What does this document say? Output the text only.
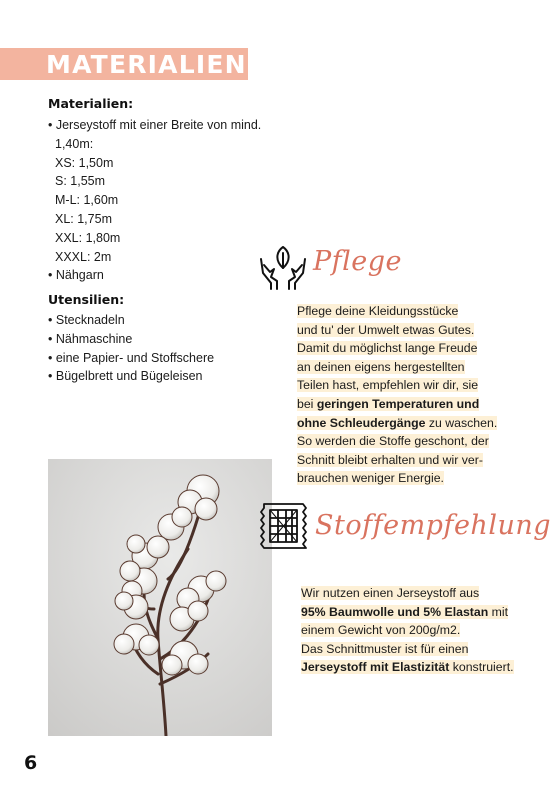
MATERIALIEN
Materialien:
• Jerseystoff mit einer Breite von mind.
1,40m:
XS: 1,50m
S: 1,55m
M-L: 1,60m
XL: 1,75m
XXL: 1,80m
XXXL: 2m
• Nähgarn
Utensilien:
• Stecknadeln
• Nähmaschine
• eine Papier- und Stoffschere
• Bügelbrett und Bügeleisen
Pflege
Pflege deine Kleidungsstücke
und tu' der Umwelt etwas Gutes.
Damit du möglichst lange Freude
an deinen eigens hergestellten
Teilen hast, empfehlen wir dir, sie
bei geringen Temperaturen und
ohne Schleudergänge zu waschen.
So werden die Stoffe geschont, der
Schnitt bleibt erhalten und wir ver-
brauchen weniger Energie.
Stoffempfehlung
Wir nutzen einen Jerseystoff aus
95% Baumwolle und 5% Elastan mit
einem Gewicht von 200g/m2.
Das Schnittmuster ist für einen
Jerseystoff mit Elastizität konstruiert.
6
